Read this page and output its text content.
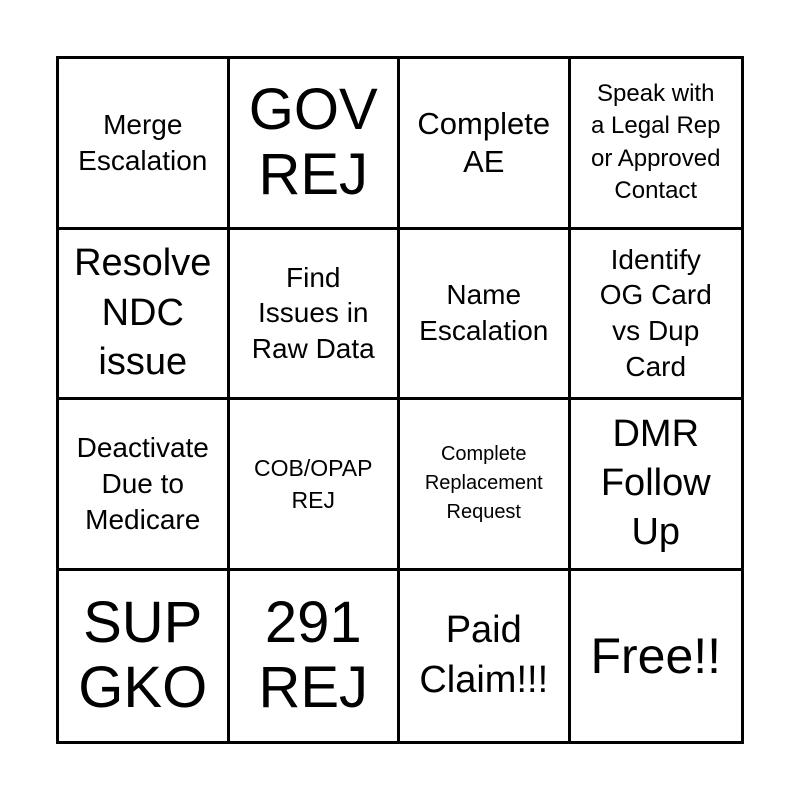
Merge
Escalation
GOV
REJ
Complete
AE
Speak with
a Legal Rep
or Approved
Contact
Resolve
NDC
issue
Find
Issues in
Raw Data
Name
Escalation
Identify
OG Card
vs Dup
Card
Deactivate
Due to
Medicare
COB/OPAP
REJ
Complete
Replacement
Request
DMR
Follow
Up
SUP
GKO
291
REJ
Paid
Claim!!! Free!!
